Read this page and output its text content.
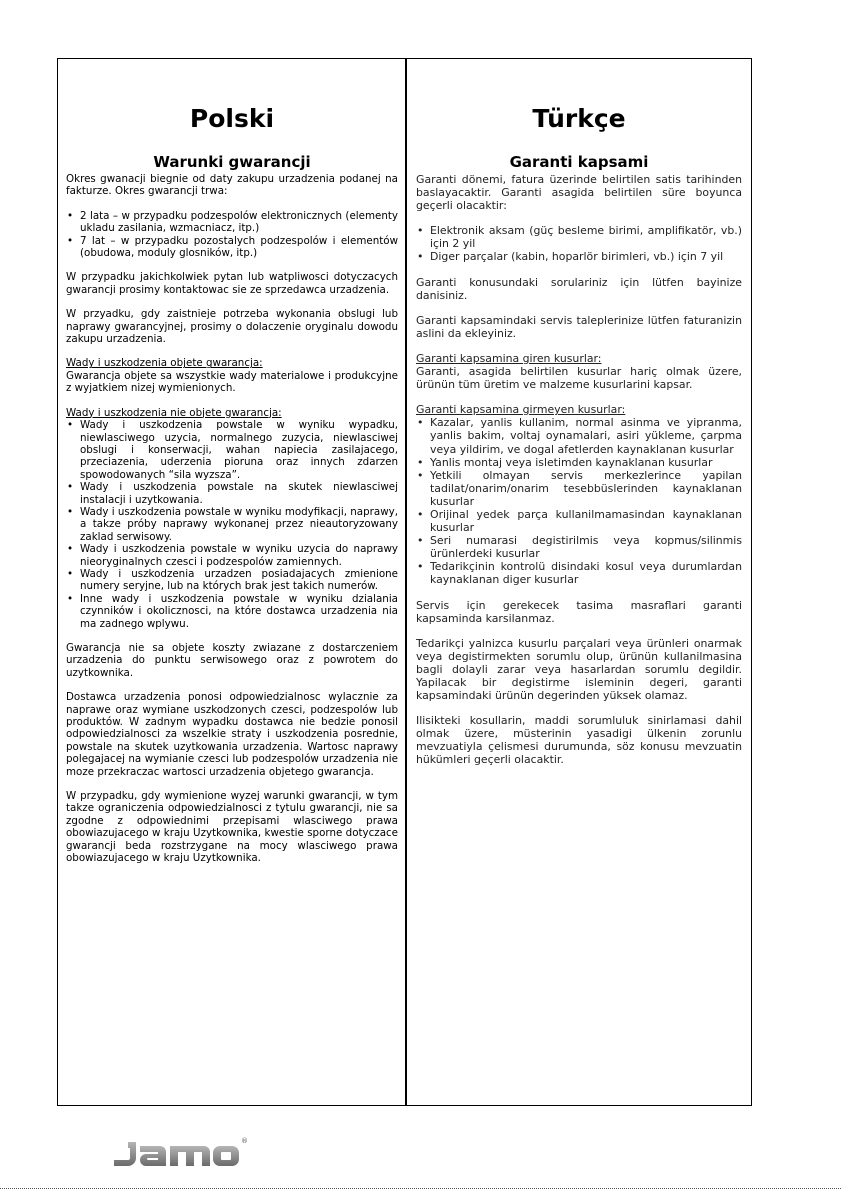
Polski
Warunki gwarancji

Okres gwanacji biegnie od daty zakupu urzadzenia podanej na fakturze. Okres gwarancji trwa:

• 2 lata – w przypadku podzespolów elektronicznych (elementy ukladu zasilania, wzmacniacz, itp.)
• 7 lat – w przypadku pozostalych podzespolów i elementów (obudowa, moduly glosników, itp.)

W przypadku jakichkolwiek pytan lub watpliwosci dotyczacych gwarancji prosimy kontaktowac sie ze sprzedawca urzadzenia.

W przyadku, gdy zaistnieje potrzeba wykonania obslugi lub naprawy gwarancyjnej, prosimy o dolaczenie oryginalu dowodu zakupu urzadzenia.

Wady i uszkodzenia objete gwarancja:

Gwarancja objete sa wszystkie wady materialowe i produkcyjne z wyjatkiem nizej wymienionych.

Wady i uszkodzenia nie objete gwarancja:
• Wady i uszkodzenia powstale w wyniku wypadku, niewlasciwego uzycia, normalnego zuzycia, niewlasciwej obslugi i konserwacji, wahan napiecia zasilajacego, przeciazenia, uderzenia pioruna oraz innych zdarzen spowodowanych “sila wyzsza”.
• Wady i uszkodzenia powstale na skutek niewlasciwej instalacji i uzytkowania.
• Wady i uszkodzenia powstale w wyniku modyfikacji, naprawy, a takze próby naprawy wykonanej przez nieautoryzowany zaklad serwisowy.
• Wady i uszkodzenia powstale w wyniku uzycia do naprawy nieoryginalnych czesci i podzespolów zamiennych.
• Wady i uszkodzenia urzadzen posiadajacych zmienione numery seryjne, lub na których brak jest takich numerów.
• Inne wady i uszkodzenia powstale w wyniku dzialania czynników i okolicznosci, na które dostawca urzadzenia nia ma zadnego wplywu.

Gwarancja nie sa objete koszty zwiazane z dostarczeniem urzadzenia do punktu serwisowego oraz z powrotem do uzytkownika.

Dostawca urzadzenia ponosi odpowiedzialnosc wylacznie za naprawe oraz wymiane uszkodzonych czesci, podzespolów lub produktów. W zadnym wypadku dostawca nie bedzie ponosil odpowiedzialnosci za wszelkie straty i uszkodzenia posrednie, powstale na skutek uzytkowania urzadzenia. Wartosc naprawy polegajacej na wymianie czesci lub podzespolów urzadzenia nie moze przekraczac wartosci urzadzenia objetego gwarancja.

W przypadku, gdy wymienione wyzej warunki gwarancji, w tym takze ograniczenia odpowiedzialnosci z tytulu gwarancji, nie sa zgodne z odpowiednimi przepisami wlasciwego prawa obowiazujacego w kraju Uzytkownika, kwestie sporne dotyczace gwarancji beda rozstrzygane na mocy wlasciwego prawa obowiazujacego w kraju Uzytkownika.

Türkçe
Garanti kapsami

Garanti dönemi, fatura üzerinde belirtilen satis tarihinden baslayacaktir. Garanti asagida belirtilen süre boyunca geçerli olacaktir:

• Elektronik aksam (güç besleme birimi, amplifikatör, vb.) için 2 yil
• Diger parçalar (kabin, hoparlör birimleri, vb.) için 7 yil

Garanti konusundaki sorulariniz için lütfen bayinize danisiniz.

Garanti kapsamindaki servis taleplerinize lütfen faturanizin aslini da ekleyiniz.

Garanti kapsamina giren kusurlar:

Garanti, asagida belirtilen kusurlar hariç olmak üzere, ürünün tüm üretim ve malzeme kusurlarini kapsar.

Garanti kapsamina girmeyen kusurlar:
• Kazalar, yanlis kullanim, normal asinma ve yipranma, yanlis bakim, voltaj oynamalari, asiri yükleme, çarpma veya yildirim, ve dogal afetlerden kaynaklanan kusurlar
• Yanlis montaj veya isletimden kaynaklanan kusurlar
• Yetkili olmayan servis merkezlerince yapilan tadilat/onarim/onarim tesebbüslerinden kaynaklanan kusurlar
• Orijinal yedek parça kullanilmamasindan kaynaklanan kusurlar
• Seri numarasi degistirilmis veya kopmus/silinmis ürünlerdeki kusurlar
• Tedarikçinin kontrolü disindaki kosul veya durumlardan kaynaklanan diger kusurlar

Servis için gerekecek tasima masraflari garanti kapsaminda karsilanmaz.

Tedarikçi yalnizca kusurlu parçalari veya ürünleri onarmak veya degistirmekten sorumlu olup, ürünün kullanilmasina bagli dolayli zarar veya hasarlardan sorumlu degildir. Yapilacak bir degistirme isleminin degeri, garanti kapsamindaki ürünün degerinden yüksek olamaz.

Ilisikteki kosullarin, maddi sorumluluk sinirlamasi dahil olmak üzere, müsterinin yasadigi ülkenin zorunlu mevzuatiyla çelismesi durumunda, söz konusu mevzuatin hükümleri geçerli olacaktir.

®
